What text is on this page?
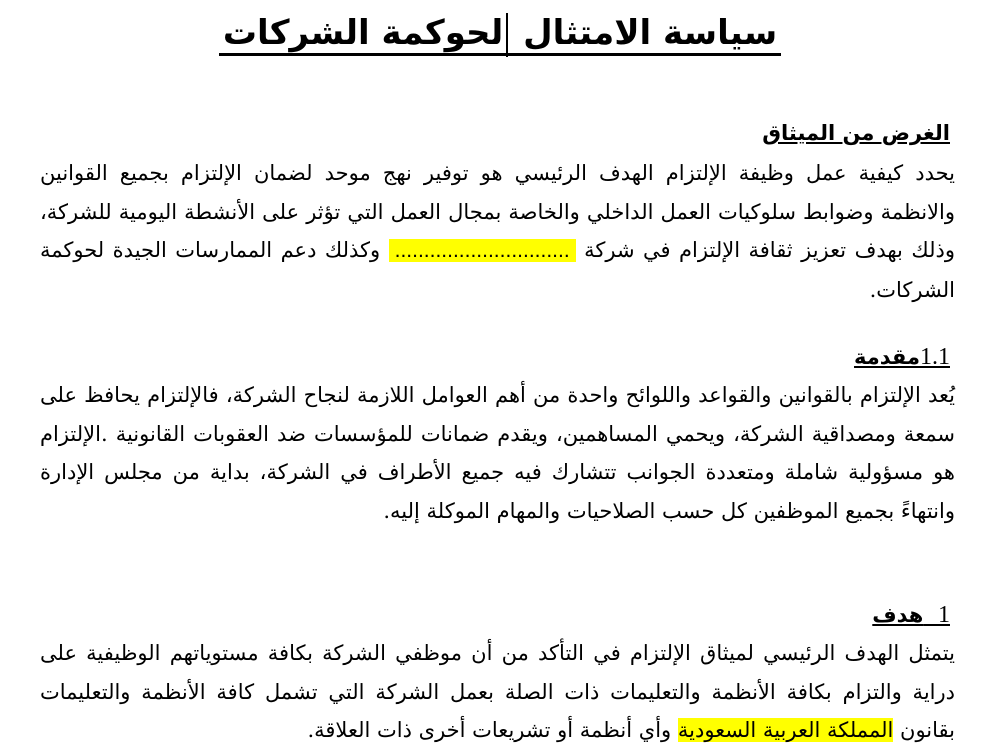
سياسة الامتثال لحوكمة الشركات
الغرض من الميثاق

يحدد كيفية عمل وظيفة الإلتزام الهدف الرئيسي هو توفير نهج موحد لضمان الإلتزام بجميع القوانين والانظمة وضوابط سلوكيات العمل الداخلي والخاصة بمجال العمل التي تؤثر على الأنشطة اليومية للشركة، وذلك بهدف تعزيز ثقافة الإلتزام في شركة .............................. وكذلك دعم الممارسات الجيدة لحوكمة الشركات.

1.1مقدمة

يُعد الإلتزام بالقوانين والقواعد واللوائح واحدة من أهم العوامل اللازمة لنجاح الشركة، فالإلتزام يحافظ على سمعة ومصداقية الشركة، ويحمي المساهمين، ويقدم ضمانات للمؤسسات ضد العقوبات القانونية .الإلتزام هو مسؤولية شاملة ومتعددة الجوانب تتشارك فيه جميع الأطراف في الشركة، بداية من مجلس الإدارة وانتهاءً بجميع الموظفين كل حسب الصلاحيات والمهام الموكلة إليه.

1  هدف

يتمثل الهدف الرئيسي لميثاق الإلتزام في التأكد من أن موظفي الشركة بكافة مستوياتهم الوظيفية على دراية والتزام بكافة الأنظمة والتعليمات ذات الصلة بعمل الشركة التي تشمل كافة الأنظمة والتعليمات بقانون المملكة العربية السعودية وأي أنظمة أو تشريعات أخرى ذات العلاقة.
